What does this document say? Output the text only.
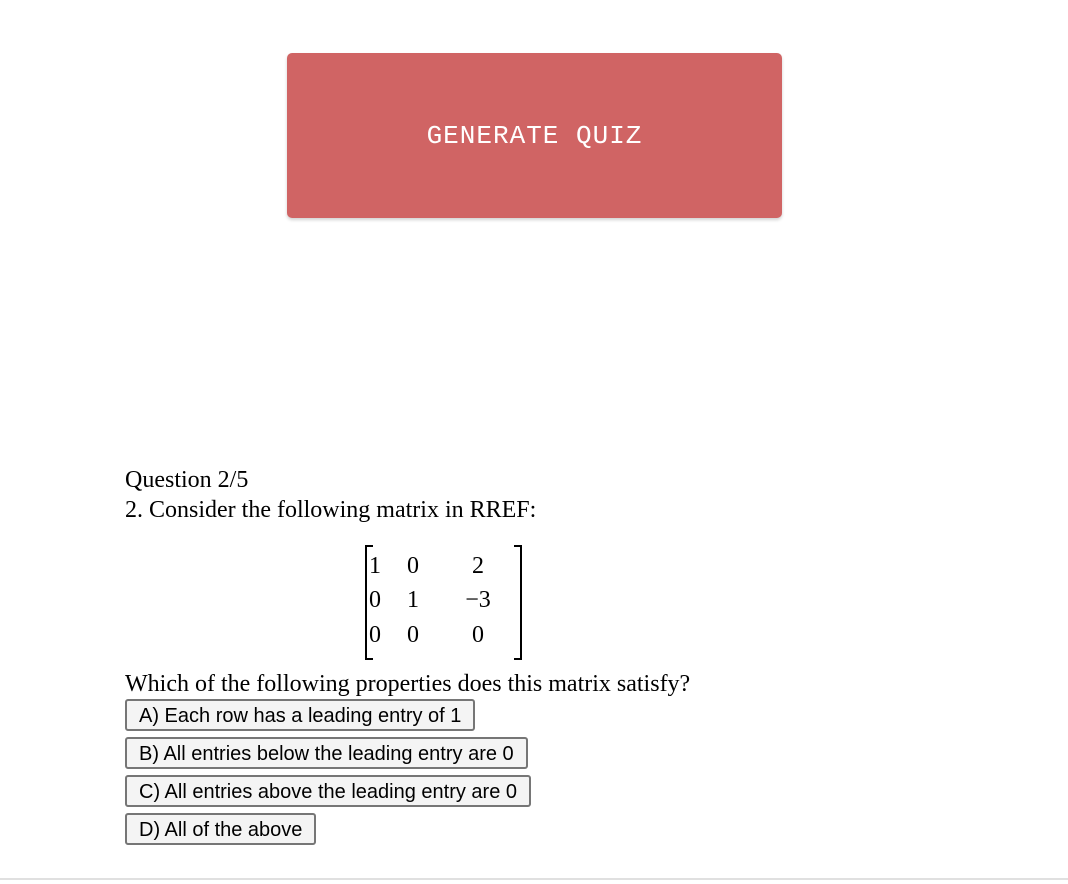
GENERATE QUIZ
Question 2/5
2. Consider the following matrix in RREF:
1	0	2
0	1	−3
0	0	0
Which of the following properties does this matrix satisfy?
A) Each row has a leading entry of 1
B) All entries below the leading entry are 0
C) All entries above the leading entry are 0
D) All of the above
